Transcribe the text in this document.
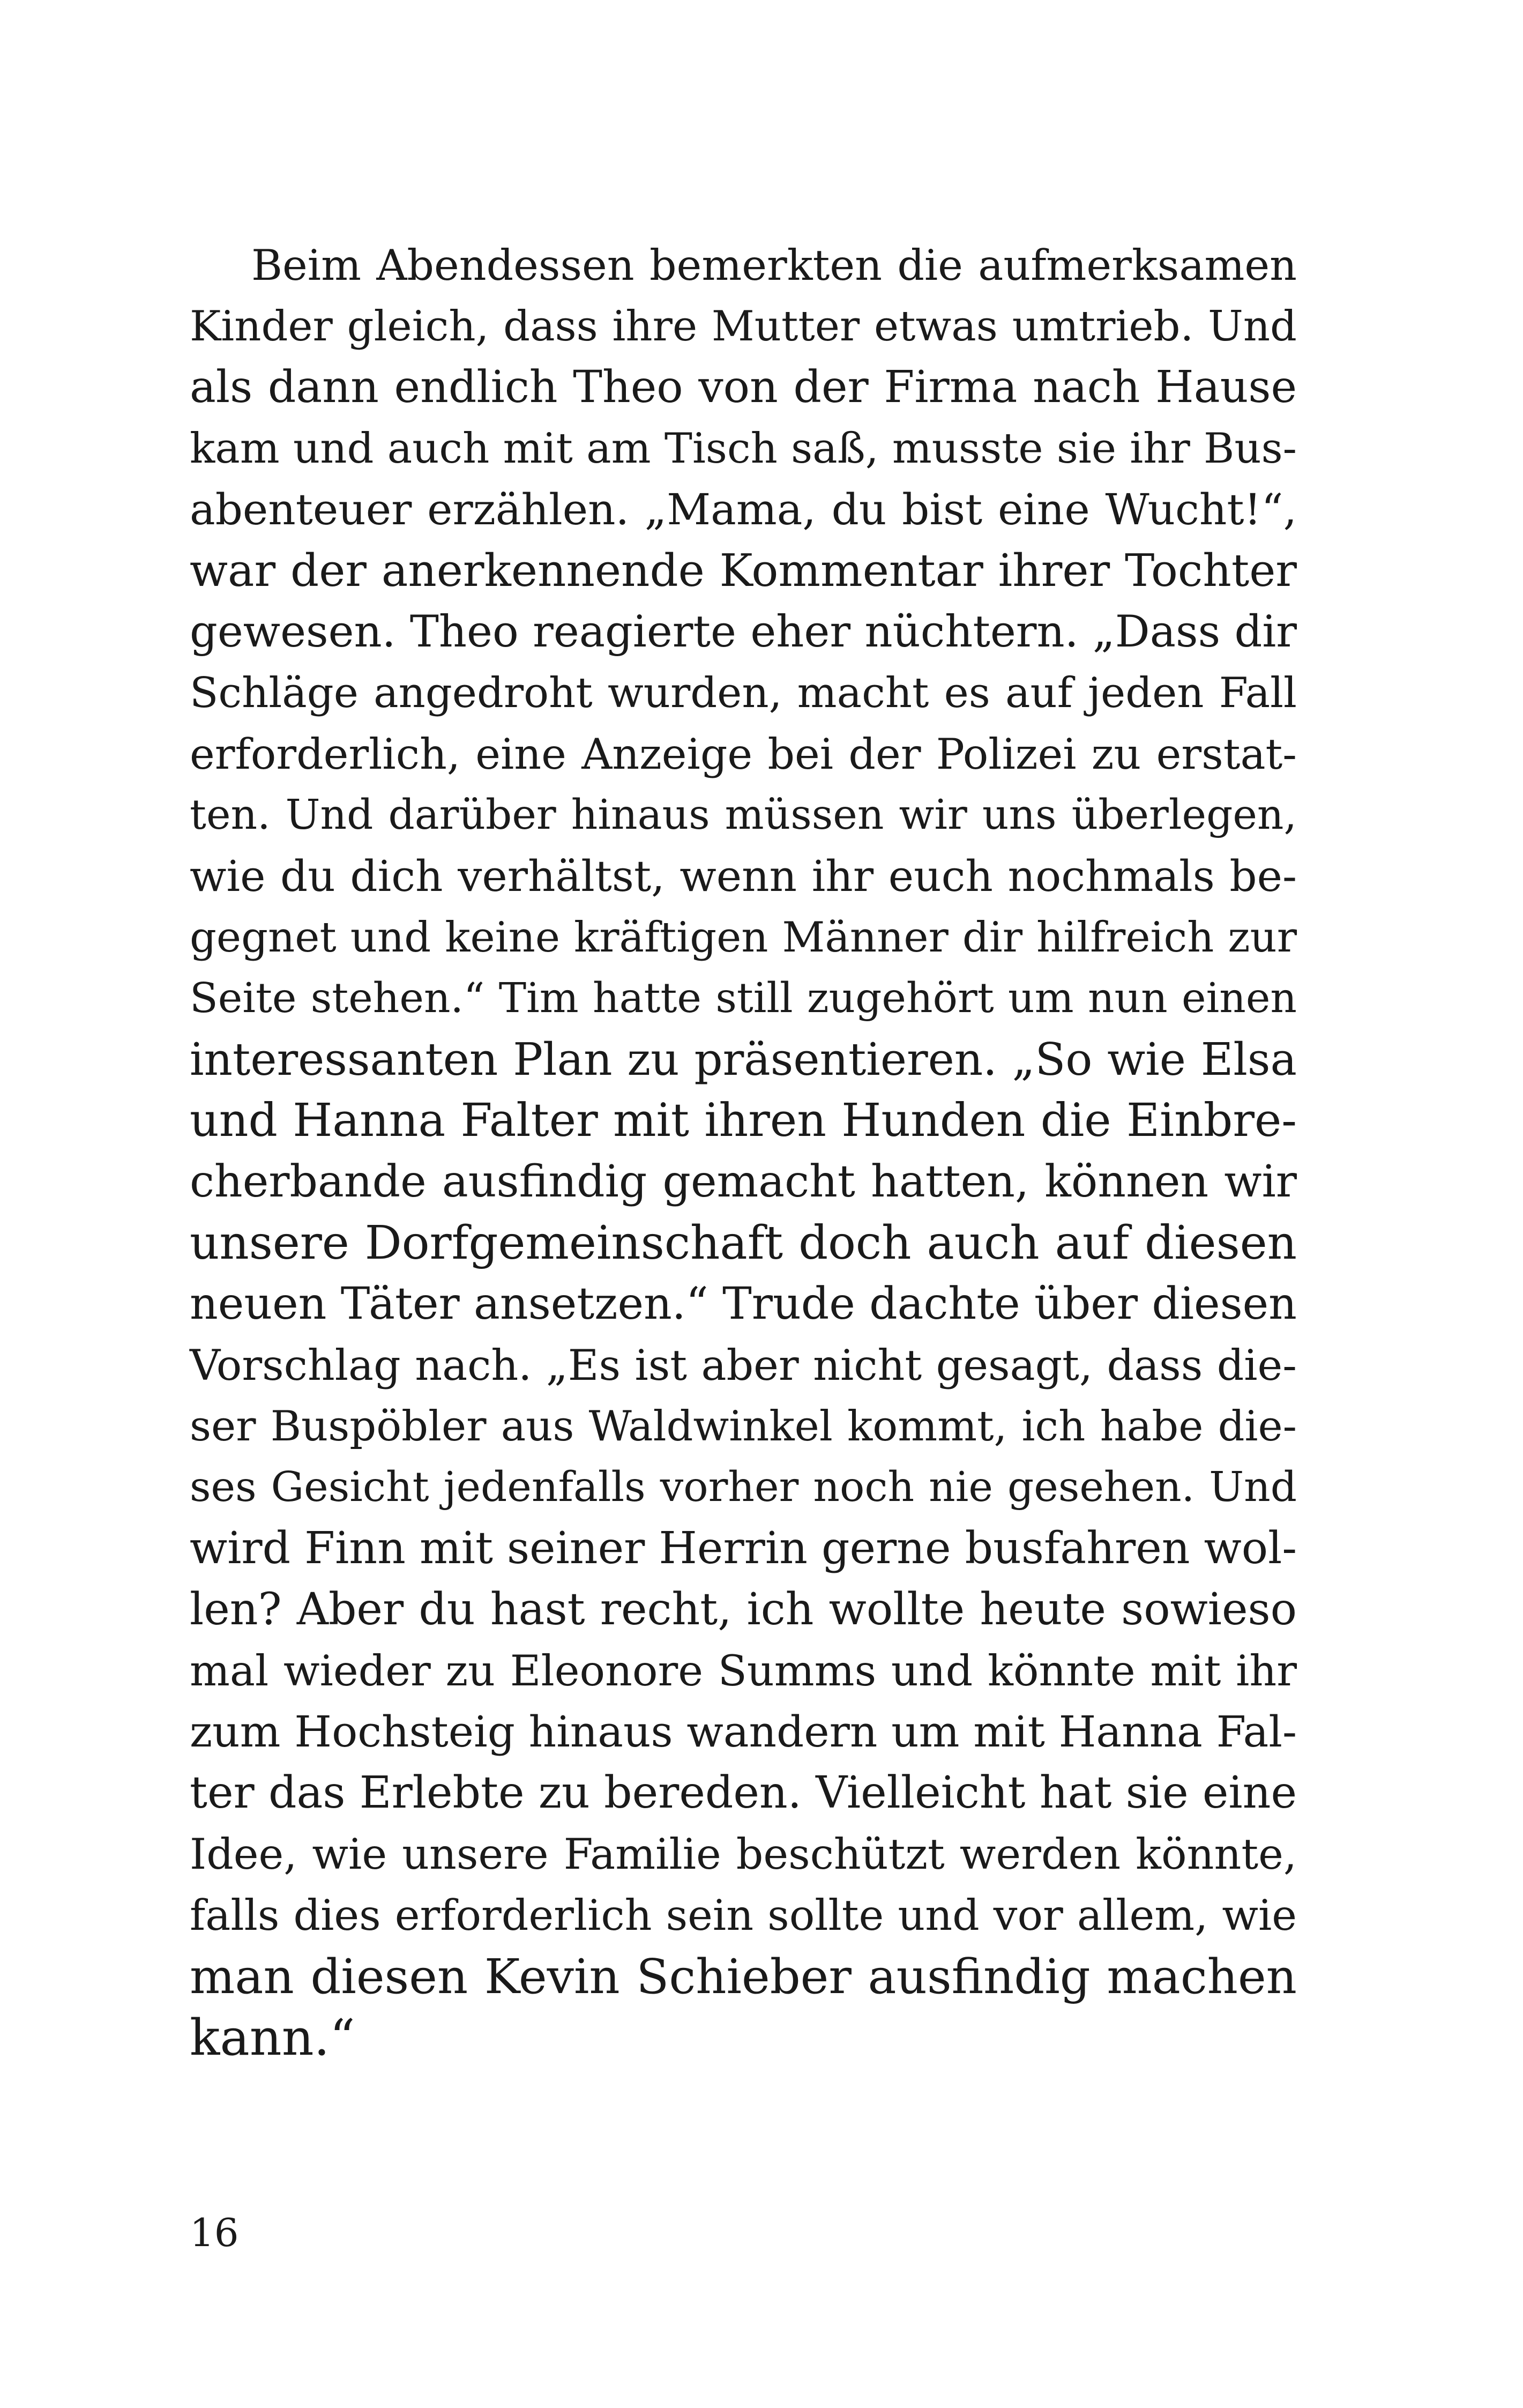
Beim Abendessen bemerkten die aufmerksamen
Kinder gleich, dass ihre Mutter etwas umtrieb. Und
als dann endlich Theo von der Firma nach Hause
kam und auch mit am Tisch saß, musste sie ihr Bus-
abenteuer erzählen. „Mama, du bist eine Wucht!“,
war der anerkennende Kommentar ihrer Tochter
gewesen. Theo reagierte eher nüchtern. „Dass dir
Schläge angedroht wurden, macht es auf jeden Fall
erforderlich, eine Anzeige bei der Polizei zu erstat-
ten. Und darüber hinaus müssen wir uns überlegen,
wie du dich verhältst, wenn ihr euch nochmals be-
gegnet und keine kräftigen Männer dir hilfreich zur
Seite stehen.“ Tim hatte still zugehört um nun einen
interessanten Plan zu präsentieren. „So wie Elsa
und Hanna Falter mit ihren Hunden die Einbre-
cherbande ausfindig gemacht hatten, können wir
unsere Dorfgemeinschaft doch auch auf diesen
neuen Täter ansetzen.“ Trude dachte über diesen
Vorschlag nach. „Es ist aber nicht gesagt, dass die-
ser Buspöbler aus Waldwinkel kommt, ich habe die-
ses Gesicht jedenfalls vorher noch nie gesehen. Und
wird Finn mit seiner Herrin gerne busfahren wol-
len? Aber du hast recht, ich wollte heute sowieso
mal wieder zu Eleonore Summs und könnte mit ihr
zum Hochsteig hinaus wandern um mit Hanna Fal-
ter das Erlebte zu bereden. Vielleicht hat sie eine
Idee, wie unsere Familie beschützt werden könnte,
falls dies erforderlich sein sollte und vor allem, wie
man diesen Kevin Schieber ausfindig machen
kann.“
16
